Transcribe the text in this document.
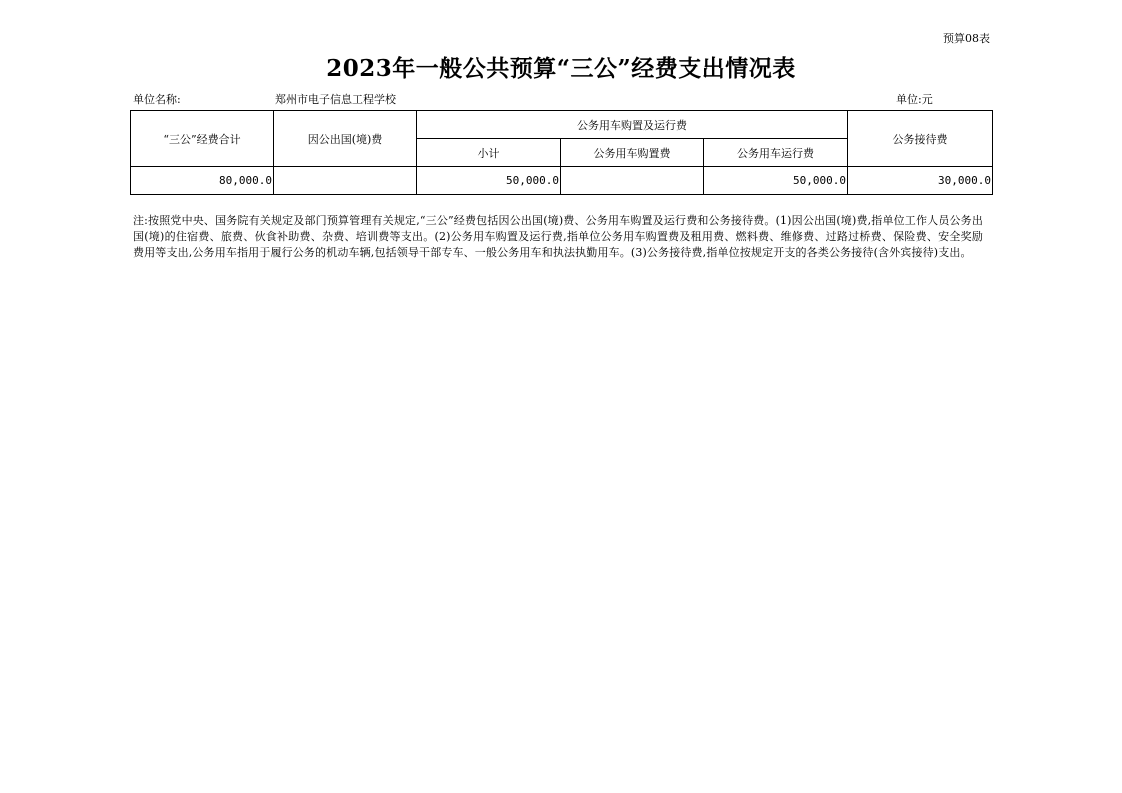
预算08表
2023年一般公共预算“三公”经费支出情况表
单位名称:	郑州市电子信息工程学校	单位:元
“三公”经费合计	因公出国(境)费	公务用车购置及运行费			公务接待费
		小计	公务用车购置费	公务用车运行费	
80,000.0		50,000.0		50,000.0	30,000.0
注:按照党中央、国务院有关规定及部门预算管理有关规定,“三公”经费包括因公出国(境)费、公务用车购置及运行费和公务接待费。(1)因公出国(境)费,指单位工作人员公务出国(境)的住宿费、旅费、伙食补助费、杂费、培训费等支出。(2)公务用车购置及运行费,指单位公务用车购置费及租用费、燃料费、维修费、过路过桥费、保险费、安全奖励费用等支出,公务用车指用于履行公务的机动车辆,包括领导干部专车、一般公务用车和执法执勤用车。(3)公务接待费,指单位按规定开支的各类公务接待(含外宾接待)支出。
